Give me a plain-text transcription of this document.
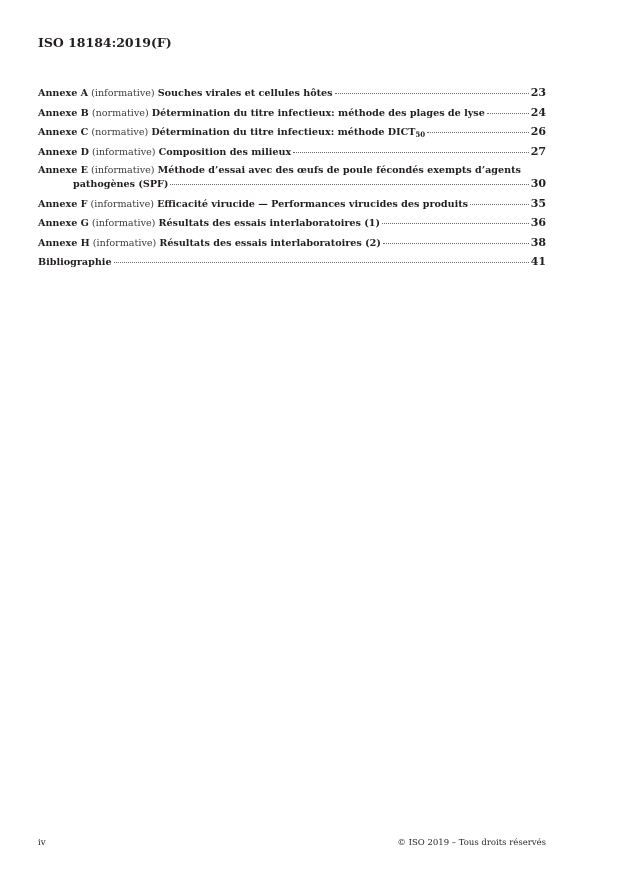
ISO 18184:2019(F)
Annexe A (informative) Souches virales et cellules hôtes	23
Annexe B (normative) Détermination du titre infectieux: méthode des plages de lyse	24
Annexe C (normative) Détermination du titre infectieux: méthode $DICT_{50}$	26
Annexe D (informative) Composition des milieux	27
Annexe E (informative) Méthode d’essai avec des œufs de poule fécondés exempts d’agents
pathogènes (SPF)	30
Annexe F (informative) Efficacité virucide — Performances virucides des produits	35
Annexe G (informative) Résultats des essais interlaboratoires (1)	36
Annexe H (informative) Résultats des essais interlaboratoires (2)	38
Bibliographie	41
iv	© ISO 2019 – Tous droits réservés
